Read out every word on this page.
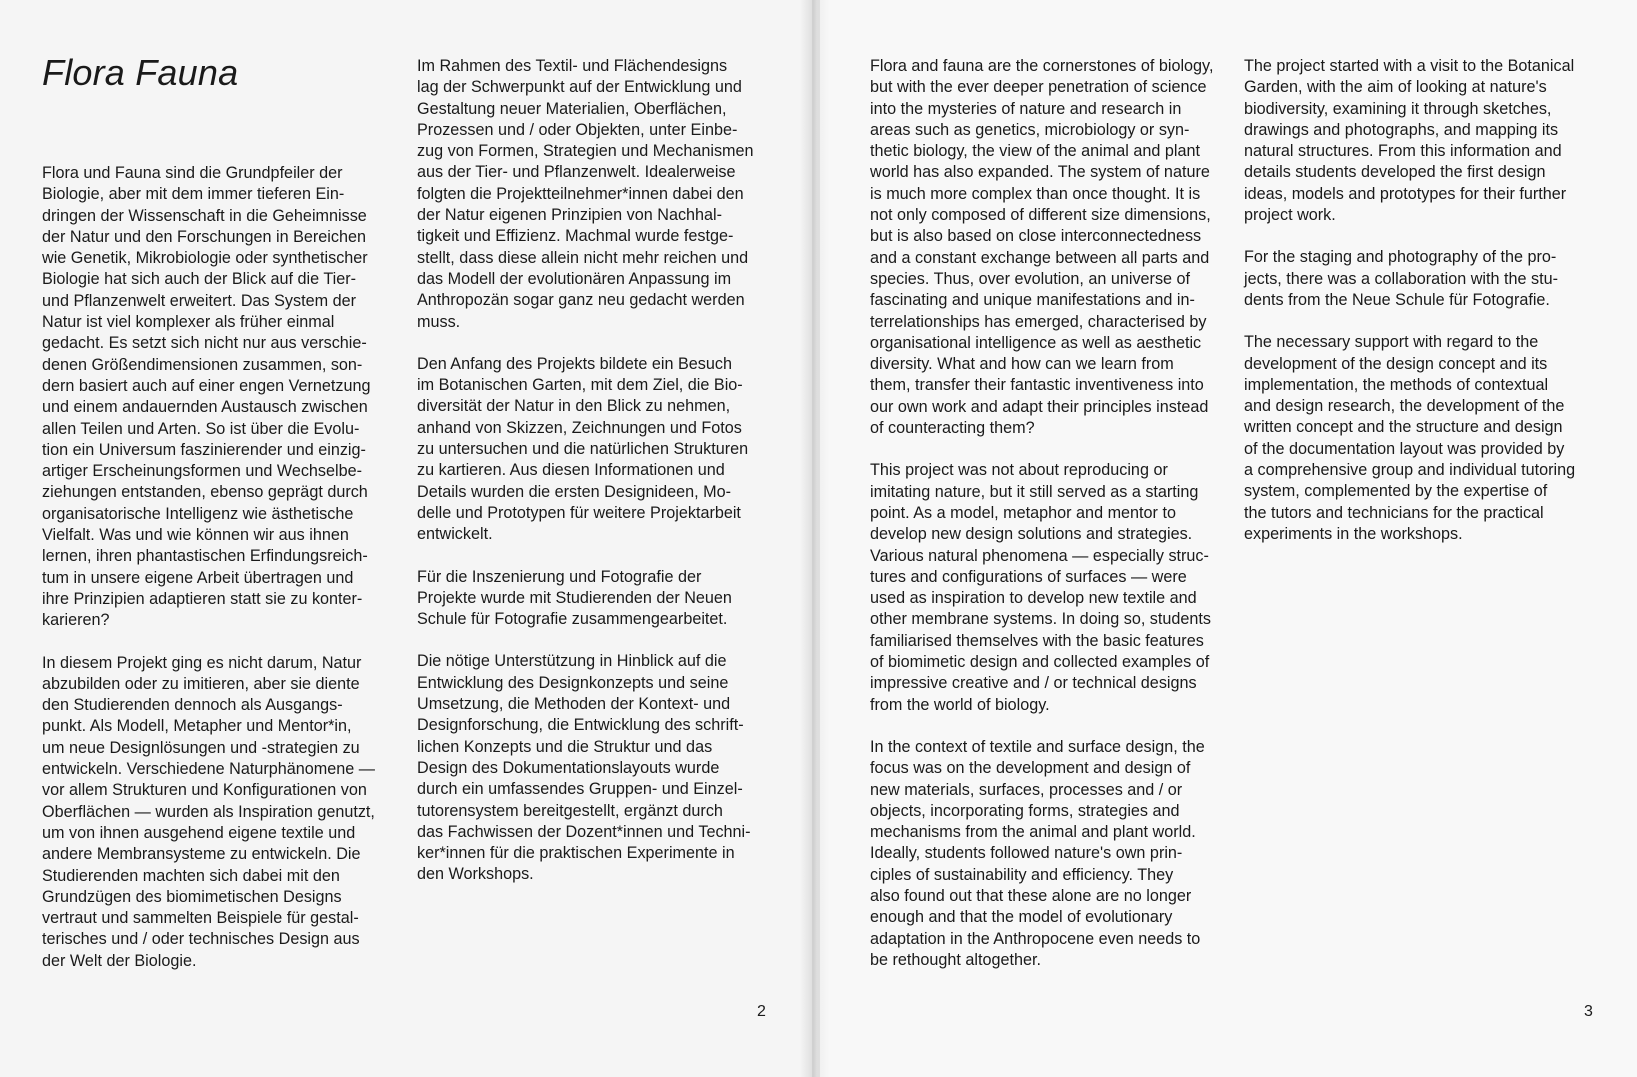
Flora Fauna

Flora und Fauna sind die Grundpfeiler der
Biologie, aber mit dem immer tieferen Ein-
dringen der Wissenschaft in die Geheimnisse
der Natur und den Forschungen in Bereichen
wie Genetik, Mikrobiologie oder synthetischer
Biologie hat sich auch der Blick auf die Tier-
und Pflanzenwelt erweitert. Das System der
Natur ist viel komplexer als früher einmal
gedacht. Es setzt sich nicht nur aus verschie-
denen Größendimensionen zusammen, son-
dern basiert auch auf einer engen Vernetzung
und einem andauernden Austausch zwischen
allen Teilen und Arten. So ist über die Evolu-
tion ein Universum faszinierender und einzig-
artiger Erscheinungsformen und Wechselbe-
ziehungen entstanden, ebenso geprägt durch
organisatorische Intelligenz wie ästhetische
Vielfalt. Was und wie können wir aus ihnen
lernen, ihren phantastischen Erfindungsreich-
tum in unsere eigene Arbeit übertragen und
ihre Prinzipien adaptieren statt sie zu konter-
karieren?

In diesem Projekt ging es nicht darum, Natur
abzubilden oder zu imitieren, aber sie diente
den Studierenden dennoch als Ausgangs-
punkt. Als Modell, Metapher und Mentor*in,
um neue Designlösungen und -strategien zu
entwickeln. Verschiedene Naturphänomene —
vor allem Strukturen und Konfigurationen von
Oberflächen — wurden als Inspiration genutzt,
um von ihnen ausgehend eigene textile und
andere Membransysteme zu entwickeln. Die
Studierenden machten sich dabei mit den
Grundzügen des biomimetischen Designs
vertraut und sammelten Beispiele für gestal-
terisches und / oder technisches Design aus
der Welt der Biologie.

Im Rahmen des Textil- und Flächendesigns
lag der Schwerpunkt auf der Entwicklung und
Gestaltung neuer Materialien, Oberflächen,
Prozessen und / oder Objekten, unter Einbe-
zug von Formen, Strategien und Mechanismen
aus der Tier- und Pflanzenwelt. Idealerweise
folgten die Projektteilnehmer*innen dabei den
der Natur eigenen Prinzipien von Nachhal-
tigkeit und Effizienz. Machmal wurde festge-
stellt, dass diese allein nicht mehr reichen und
das Modell der evolutionären Anpassung im
Anthropozän sogar ganz neu gedacht werden
muss.

Den Anfang des Projekts bildete ein Besuch
im Botanischen Garten, mit dem Ziel, die Bio-
diversität der Natur in den Blick zu nehmen,
anhand von Skizzen, Zeichnungen und Fotos
zu untersuchen und die natürlichen Strukturen
zu kartieren. Aus diesen Informationen und
Details wurden die ersten Designideen, Mo-
delle und Prototypen für weitere Projektarbeit
entwickelt.

Für die Inszenierung und Fotografie der
Projekte wurde mit Studierenden der Neuen
Schule für Fotografie zusammengearbeitet.

Die nötige Unterstützung in Hinblick auf die
Entwicklung des Designkonzepts und seine
Umsetzung, die Methoden der Kontext- und
Designforschung, die Entwicklung des schrift-
lichen Konzepts und die Struktur und das
Design des Dokumentationslayouts wurde
durch ein umfassendes Gruppen- und Einzel-
tutorensystem bereitgestellt, ergänzt durch
das Fachwissen der Dozent*innen und Techni-
ker*innen für die praktischen Experimente in
den Workshops.

2

Flora and fauna are the cornerstones of biology,
but with the ever deeper penetration of science
into the mysteries of nature and research in
areas such as genetics, microbiology or syn-
thetic biology, the view of the animal and plant
world has also expanded. The system of nature
is much more complex than once thought. It is
not only composed of different size dimensions,
but is also based on close interconnectedness
and a constant exchange between all parts and
species. Thus, over evolution, an universe of
fascinating and unique manifestations and in-
terrelationships has emerged, characterised by
organisational intelligence as well as aesthetic
diversity. What and how can we learn from
them, transfer their fantastic inventiveness into
our own work and adapt their principles instead
of counteracting them?

This project was not about reproducing or
imitating nature, but it still served as a starting
point. As a model, metaphor and mentor to
develop new design solutions and strategies.
Various natural phenomena — especially struc-
tures and configurations of surfaces — were
used as inspiration to develop new textile and
other membrane systems. In doing so, students
familiarised themselves with the basic features
of biomimetic design and collected examples of
impressive creative and / or technical designs
from the world of biology.

In the context of textile and surface design, the
focus was on the development and design of
new materials, surfaces, processes and / or
objects, incorporating forms, strategies and
mechanisms from the animal and plant world.
Ideally, students followed nature's own prin-
ciples of sustainability and efficiency. They
also found out that these alone are no longer
enough and that the model of evolutionary
adaptation in the Anthropocene even needs to
be rethought altogether.

The project started with a visit to the Botanical
Garden, with the aim of looking at nature's
biodiversity, examining it through sketches,
drawings and photographs, and mapping its
natural structures. From this information and
details students developed the first design
ideas, models and prototypes for their further
project work.

For the staging and photography of the pro-
jects, there was a collaboration with the stu-
dents from the Neue Schule für Fotografie.

The necessary support with regard to the
development of the design concept and its
implementation, the methods of contextual
and design research, the development of the
written concept and the structure and design
of the documentation layout was provided by
a comprehensive group and individual tutoring
system, complemented by the expertise of
the tutors and technicians for the practical
experiments in the workshops.

3
